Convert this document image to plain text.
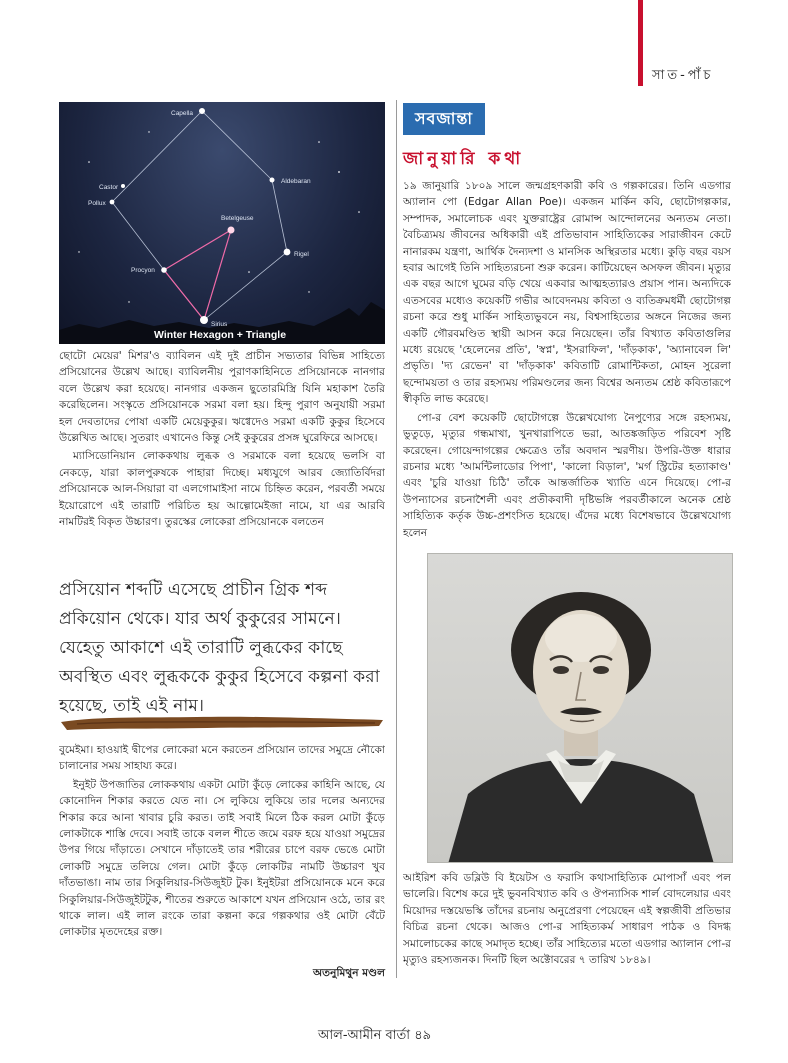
সাত-পাঁচ
Capella
Aldebaran
Castor
Pollux
Betelgeuse
Procyon
Rigel
Sirius
Winter Hexagon + Triangle

ছোটো মেয়ের' মিশর'ও ব্যাবিলন এই দুই প্রাচীন সভ্যতার বিভিন্ন সাহিত্যে প্রসিয়োনের উল্লেখ আছে। ব্যাবিলনীয় পুরাণকাহিনিতে প্রসিয়োনকে নানগার বলে উল্লেখ করা হয়েছে। নানগার একজন ছুতোরমিস্ত্রি যিনি মহাকাশ তৈরি করেছিলেন। সংস্কৃতে প্রসিয়োনকে সরমা বলা হয়। হিন্দু পুরাণ অনুযায়ী সরমা হল দেবতাদের পোষা একটি মেয়েকুকুর। ঋগ্বেদেও সরমা একটি কুকুর হিসেবে উল্লেখিত আছে। সুতরাং এখানেও কিন্তু সেই কুকুরের প্রসঙ্গ ঘুরেফিরে আসছে।

ম্যাসিডোনিয়ান লোককথায় লুব্ধক ও সরমাকে বলা হয়েছে ভলসি বা নেকড়ে, যারা কালপুরুষকে পাহারা দিচ্ছে। মধ্যযুগে আরব জ্যোতির্বিদরা প্রসিয়োনকে আল-সিয়ারা বা এলগোমাইসা নামে চিহ্নিত করেন, পরবর্তী সময়ে ইয়োরোপে এই তারাটি পরিচিত হয় আল্গোমেইজা নামে, যা এর আরবি নামটিরই বিকৃত উচ্চারণ। তুরস্কের লোকেরা প্রসিয়োনকে বলতেন

প্রসিয়োন শব্দটি এসেছে প্রাচীন গ্রিক শব্দ প্রকিয়োন থেকে। যার অর্থ কুকুরের সামনে। যেহেতু আকাশে এই তারাটি লুব্ধকের কাছে অবস্থিত এবং লুব্ধককে কুকুর হিসেবে কল্পনা করা হয়েছে, তাই এই নাম।

বুমেইমা। হাওয়াই দ্বীপের লোকেরা মনে করতেন প্রসিয়োন তাদের সমুদ্রে নৌকো চালানোর সময় সাহায্য করে।

ইনুইট উপজাতির লোককথায় একটা মোটা কুঁড়ে লোকের কাহিনি আছে, যে কোনোদিন শিকার করতে যেত না। সে লুকিয়ে লুকিয়ে তার দলের অন্যদের শিকার করে আনা খাবার চুরি করত। তাই সবাই মিলে ঠিক করল মোটা কুঁড়ে লোকটাকে শাস্তি দেবে। সবাই তাকে বলল শীতে জমে বরফ হয়ে যাওয়া সমুদ্রের উপর গিয়ে দাঁড়াতে। সেখানে দাঁড়াতেই তার শরীরের চাপে বরফ ভেঙে মোটা লোকটি সমুদ্রে তলিয়ে গেল। মোটা কুঁড়ে লোকটির নামটি উচ্চারণ খুব দাঁতভাঙা। নাম তার সিকুলিয়ার-সিউজুইট টুক। ইনুইটরা প্রসিয়োনকে মনে করে সিকুলিয়ার-সিউজুইটটুক, শীতের শুরুতে আকাশে যখন প্রসিয়োন ওঠে, তার রং থাকে লাল। এই লাল রংকে তারা কল্পনা করে গল্পকথার ওই মোটা বেঁটে লোকটার মৃতদেহের রক্ত।

অতনুমিথুন মণ্ডল
সবজান্তা
জানুয়ারি কথা

১৯ জানুয়ারি ১৮০৯ সালে জন্মগ্রহণকারী কবি ও গল্পকারের। তিনি এডগার অ্যালান পো (Edgar Allan Poe)। একজন মার্কিন কবি, ছোটোগল্পকার, সম্পাদক, সমালোচক এবং যুক্তরাষ্ট্রের রোমান্স আন্দোলনের অন্যতম নেতা। বৈচিত্র্যময় জীবনের অধিকারী এই প্রতিভাবান সাহিত্যিকের সারাজীবন কেটে নানারকম যন্ত্রণা, আর্থিক দৈন্যদশা ও মানসিক অস্থিরতার মধ্যে। কুড়ি বছর বয়স হবার আগেই তিনি সাহিত্যরচনা শুরু করেন। কাটিয়েছেন অসফল জীবন। মৃত্যুর এক বছর আগে ঘুমের বড়ি খেয়ে একবার আত্মহত্যারও প্রয়াস পান। অন্যদিকে এতসবের মধ্যেও কয়েকটি গভীর আবেদনময় কবিতা ও ব্যতিক্রমধর্মী ছোটোগল্প রচনা করে শুধু মার্কিন সাহিত্যভুবনে নয়, বিশ্বসাহিত্যের অঙ্গনে নিজের জন্য একটি গৌরবমণ্ডিত স্থায়ী আসন করে নিয়েছেন। তাঁর বিখ্যাত কবিতাগুলির মধ্যে রয়েছে 'হেলেনের প্রতি', 'স্বপ্ন', 'ইসরাফিল', 'দাঁড়কাক', 'অ্যানাবেল লি' প্রভৃতি। 'দ্য রেভেন' বা 'দাঁড়কাক' কবিতাটি রোমান্টিকতা, মোহন সুরেলা ছন্দোময়তা ও তার রহস্যময় পরিমণ্ডলের জন্য বিশ্বের অন্যতম শ্রেষ্ঠ কবিতারূপে স্বীকৃতি লাভ করেছে।

পো-র বেশ কয়েকটি ছোটোগল্পে উল্লেখযোগ্য নৈপুণ্যের সঙ্গে রহস্যময়, ভুতুড়ে, মৃত্যুর গন্ধমাখা, খুনখারাপিতে ভরা, আতঙ্কজড়িত পরিবেশ সৃষ্টি করেছেন। গোয়েন্দাগল্পের ক্ষেত্রেও তাঁর অবদান স্মরণীয়। উপরি-উক্ত ধারার রচনার মধ্যে 'আমন্টিলাডোর পিপা', 'কালো বিড়াল', 'মর্গ স্ট্রিটের হত্যাকাণ্ড' এবং 'চুরি যাওয়া চিঠি' তাঁকে আন্তর্জাতিক খ্যাতি এনে দিয়েছে। পো-র উপন্যাসের রচনাশৈলী এবং প্রতীকবাদী দৃষ্টিভঙ্গি পরবর্তীকালে অনেক শ্রেষ্ঠ সাহিত্যিক কর্তৃক উচ্চ-প্রশংসিত হয়েছে। এঁদের মধ্যে বিশেষভাবে উল্লেখযোগ্য হলেন

আইরিশ কবি ডব্লিউ বি ইয়েটস ও ফরাসি কথাসাহিত্যিক মোপাসাঁ এবং পল ভালেরি। বিশেষ করে দুই ভুবনবিখ্যাত কবি ও ঔপন্যাসিক শার্ল বোদলেয়ার এবং মিয়োদর দস্তয়েভস্কি তাঁদের রচনায় অনুপ্রেরণা পেয়েছেন এই স্বল্পজীবী প্রতিভার বিচিত্র রচনা থেকে। আজও পো-র সাহিত্যকর্ম সাধারণ পাঠক ও বিদগ্ধ সমালোচকের কাছে সমাদৃত হচ্ছে। তাঁর সাহিত্যের মতো এডগার অ্যালান পো-র মৃত্যুও রহস্যজনক। দিনটি ছিল অক্টোবরের ৭ তারিখ ১৮৪৯।

আল-আমীন বার্তা ৪৯
